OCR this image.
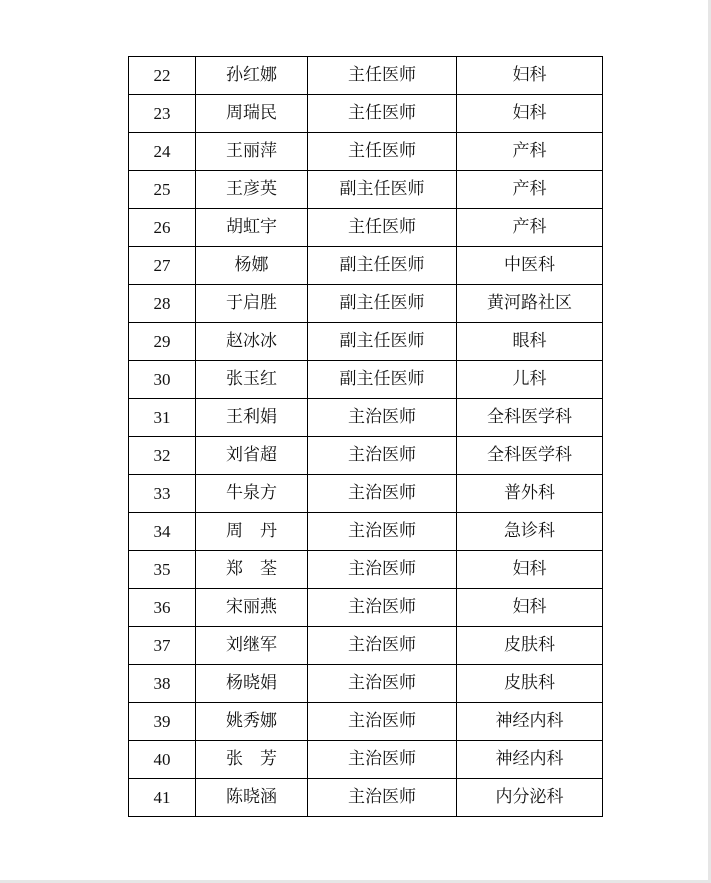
22	孙红娜	主任医师	妇科
23	周瑞民	主任医师	妇科
24	王丽萍	主任医师	产科
25	王彦英	副主任医师	产科
26	胡虹宇	主任医师	产科
27	杨娜	副主任医师	中医科
28	于启胜	副主任医师	黄河路社区
29	赵冰冰	副主任医师	眼科
30	张玉红	副主任医师	儿科
31	王利娟	主治医师	全科医学科
32	刘省超	主治医师	全科医学科
33	牛泉方	主治医师	普外科
34	周　丹	主治医师	急诊科
35	郑　荃	主治医师	妇科
36	宋丽燕	主治医师	妇科
37	刘继军	主治医师	皮肤科
38	杨晓娟	主治医师	皮肤科
39	姚秀娜	主治医师	神经内科
40	张　芳	主治医师	神经内科
41	陈晓涵	主治医师	内分泌科
